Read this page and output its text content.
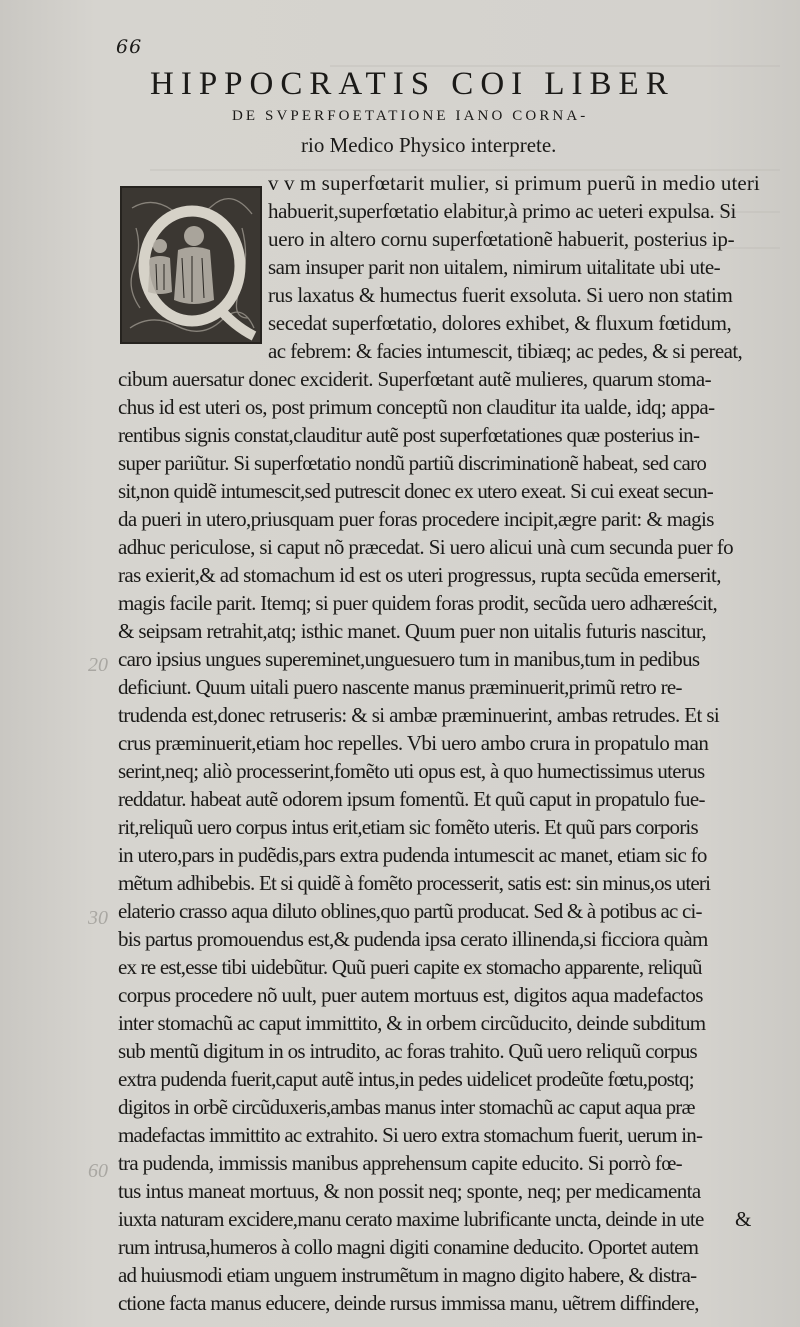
66
HIPPOCRATIS COI LIBER
DE SVPERFOETATIONE IANO CORNA-
rio Medico Physico interprete.
v v m superfœtarit mulier, si primum puerũ in medio uteri
habuerit,superfœtatio elabitur,à primo ac ueteri expulsa. Si
uero in altero cornu superfœtationẽ habuerit, posterius ip-
sam insuper parit non uitalem, nimirum uitalitate ubi ute-
rus laxatus & humectus fuerit exsoluta. Si uero non statim
secedat superfœtatio, dolores exhibet, & fluxum fœtidum,
ac febrem: & facies intumescit, tibiæq; ac pedes, & si pereat,
cibum auersatur donec exciderit. Superfœtant autẽ mulieres, quarum stoma-
chus id est uteri os, post primum conceptũ non clauditur ita ualde, idq; appa-
rentibus signis constat,clauditur autẽ post superfœtationes quæ posterius in-
super pariũtur. Si superfœtatio nondũ partiũ discriminationẽ habeat, sed caro
sit,non quidẽ intumescit,sed putrescit donec ex utero exeat. Si cui exeat secun-
da pueri in utero,priusquam puer foras procedere incipit,ægre parit: & magis
adhuc periculose, si caput nõ præcedat. Si uero alicui unà cum secunda puer fo
ras exierit,& ad stomachum id est os uteri progressus, rupta secũda emerserit,
magis facile parit. Itemq; si puer quidem foras prodit, secũda uero adhæreścit,
& seipsam retrahit,atq; isthic manet. Quum puer non uitalis futuris nascitur,
caro ipsius ungues supereminet,unguesuero tum in manibus,tum in pedibus
deficiunt. Quum uitali puero nascente manus præminuerit,primũ retro re-
trudenda est,donec retruseris: & si ambæ præminuerint, ambas retrudes. Et si
crus præminuerit,etiam hoc repelles. Vbi uero ambo crura in propatulo man
serint,neq; aliò processerint,fomẽto uti opus est, à quo humectissimus uterus
reddatur. habeat autẽ odorem ipsum fomentũ. Et quũ caput in propatulo fue-
rit,reliquũ uero corpus intus erit,etiam sic fomẽto uteris. Et quũ pars corporis
in utero,pars in pudẽdis,pars extra pudenda intumescit ac manet, etiam sic fo
mẽtum adhibebis. Et si quidẽ à fomẽto processerit, satis est: sin minus,os uteri
elaterio crasso aqua diluto oblines,quo partũ producat. Sed & à potibus ac ci-
bis partus promouendus est,& pudenda ipsa cerato illinenda,si ficciora quàm
ex re est,esse tibi uidebũtur. Quũ pueri capite ex stomacho apparente, reliquũ
corpus procedere nõ uult, puer autem mortuus est, digitos aqua madefactos
inter stomachũ ac caput immittito, & in orbem circũducito, deinde subditum
sub mentũ digitum in os intrudito, ac foras trahito. Quũ uero reliquũ corpus
extra pudenda fuerit,caput autẽ intus,in pedes uidelicet prodeũte fœtu,postq;
digitos in orbẽ circũduxeris,ambas manus inter stomachũ ac caput aqua præ
madefactas immittito ac extrahito. Si uero extra stomachum fuerit, uerum in-
tra pudenda, immissis manibus apprehensum capite educito. Si porrò fœ-
tus intus maneat mortuus, & non possit neq; sponte, neq; per medicamenta
iuxta naturam excidere,manu cerato maxime lubrificante uncta, deinde in ute
rum intrusa,humeros à collo magni digiti conamine deducito. Oportet autem
ad huiusmodi etiam unguem instrumẽtum in magno digito habere, & distra-
ctione facta manus educere, deinde rursus immissa manu, uẽtrem diffindere,
20
30
60
&
